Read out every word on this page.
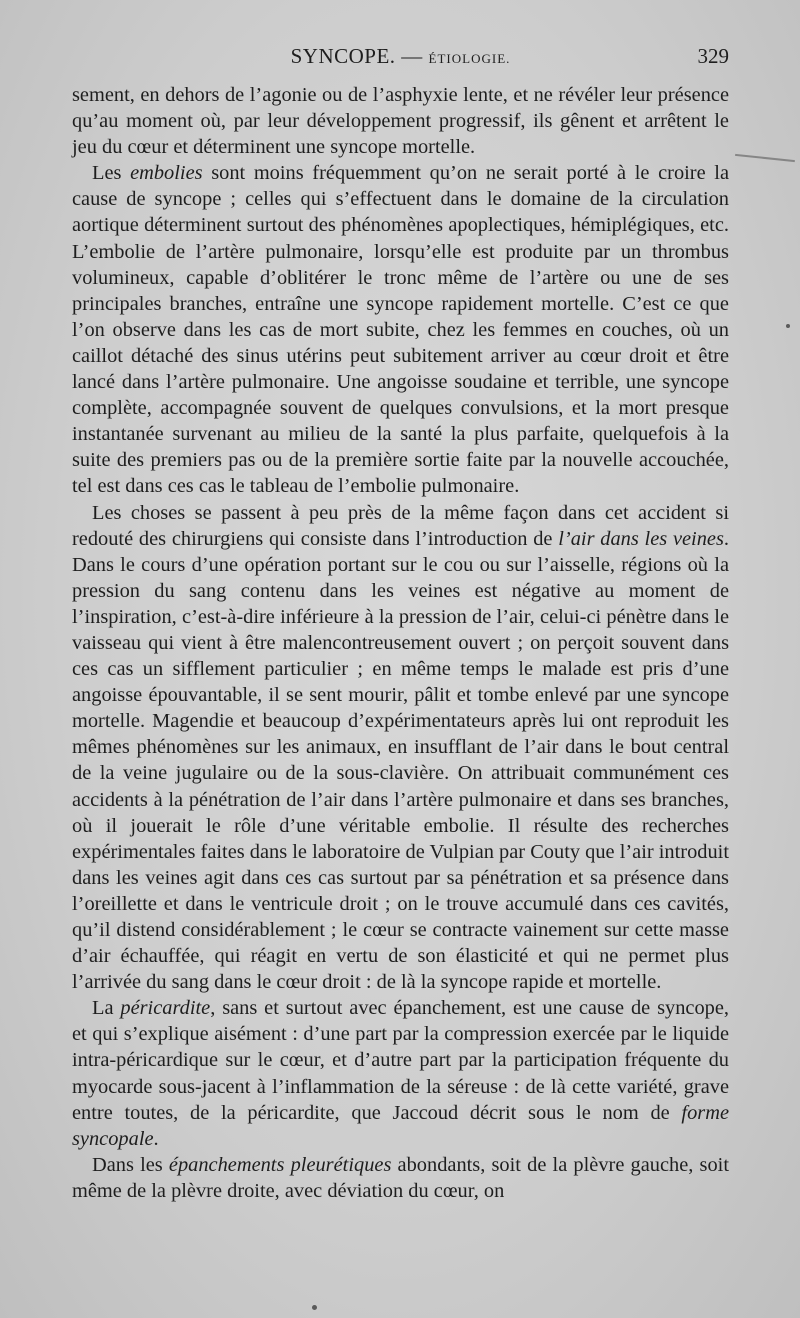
SYNCOPE. — ÉTIOLOGIE.	329

sement, en dehors de l’agonie ou de l’asphyxie lente, et ne révéler leur présence qu’au moment où, par leur développement progressif, ils gênent et arrêtent le jeu du cœur et déterminent une syncope mortelle.

Les embolies sont moins fréquemment qu’on ne serait porté à le croire la cause de syncope ; celles qui s’effectuent dans le domaine de la circulation aortique déterminent surtout des phénomènes apoplectiques, hémiplégiques, etc. L’embolie de l’artère pulmonaire, lorsqu’elle est produite par un thrombus volumineux, capable d’oblitérer le tronc même de l’artère ou une de ses principales branches, entraîne une syncope rapidement mortelle. C’est ce que l’on observe dans les cas de mort subite, chez les femmes en couches, où un caillot détaché des sinus utérins peut subitement arriver au cœur droit et être lancé dans l’artère pulmonaire. Une angoisse soudaine et terrible, une syncope complète, accompagnée souvent de quelques convulsions, et la mort presque instantanée survenant au milieu de la santé la plus parfaite, quelquefois à la suite des premiers pas ou de la première sortie faite par la nouvelle accouchée, tel est dans ces cas le tableau de l’embolie pulmonaire.

Les choses se passent à peu près de la même façon dans cet accident si redouté des chirurgiens qui consiste dans l’introduction de l’air dans les veines. Dans le cours d’une opération portant sur le cou ou sur l’aisselle, régions où la pression du sang contenu dans les veines est négative au moment de l’inspiration, c’est-à-dire inférieure à la pression de l’air, celui-ci pénètre dans le vaisseau qui vient à être malencontreusement ouvert ; on perçoit souvent dans ces cas un sifflement particulier ; en même temps le malade est pris d’une angoisse épouvantable, il se sent mourir, pâlit et tombe enlevé par une syncope mortelle. Magendie et beaucoup d’expérimentateurs après lui ont reproduit les mêmes phénomènes sur les animaux, en insufflant de l’air dans le bout central de la veine jugulaire ou de la sous-clavière. On attribuait communément ces accidents à la pénétration de l’air dans l’artère pulmonaire et dans ses branches, où il jouerait le rôle d’une véritable embolie. Il résulte des recherches expérimentales faites dans le laboratoire de Vulpian par Couty que l’air introduit dans les veines agit dans ces cas surtout par sa pénétration et sa présence dans l’oreillette et dans le ventricule droit ; on le trouve accumulé dans ces cavités, qu’il distend considérablement ; le cœur se contracte vainement sur cette masse d’air échauffée, qui réagit en vertu de son élasticité et qui ne permet plus l’arrivée du sang dans le cœur droit : de là la syncope rapide et mortelle.

La péricardite, sans et surtout avec épanchement, est une cause de syncope, et qui s’explique aisément : d’une part par la compression exercée par le liquide intra-péricardique sur le cœur, et d’autre part par la participation fréquente du myocarde sous-jacent à l’inflammation de la séreuse : de là cette variété, grave entre toutes, de la péricardite, que Jaccoud décrit sous le nom de forme syncopale.

Dans les épanchements pleurétiques abondants, soit de la plèvre gauche, soit même de la plèvre droite, avec déviation du cœur, on
